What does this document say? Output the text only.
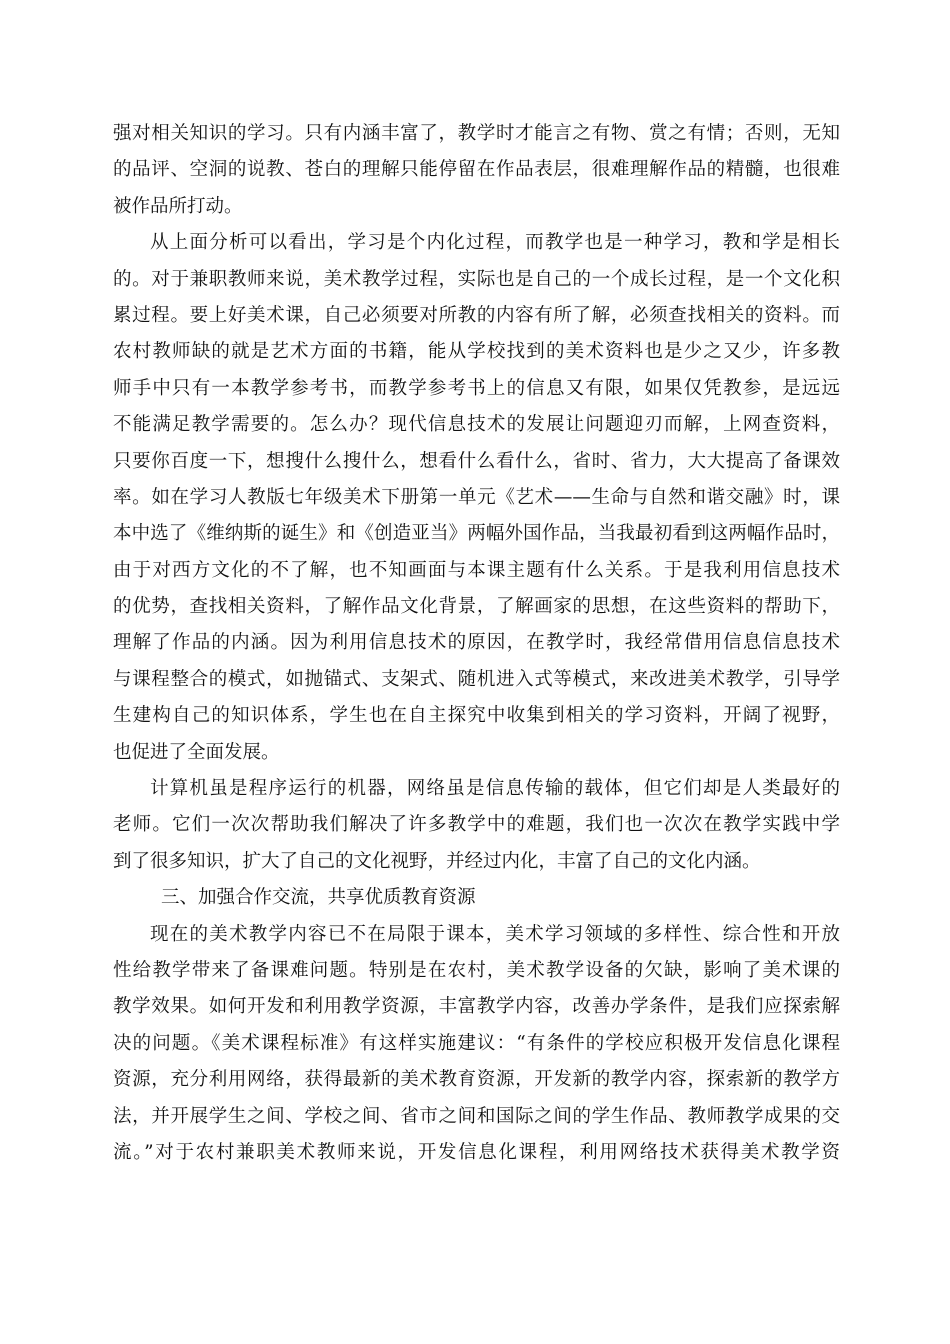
强对相关知识的学习。只有内涵丰富了，教学时才能言之有物、赏之有情；否则，无知
的品评、空洞的说教、苍白的理解只能停留在作品表层，很难理解作品的精髓，也很难
被作品所打动。
从上面分析可以看出，学习是个内化过程，而教学也是一种学习，教和学是相长
的。对于兼职教师来说，美术教学过程，实际也是自己的一个成长过程，是一个文化积
累过程。要上好美术课，自己必须要对所教的内容有所了解，必须查找相关的资料。而
农村教师缺的就是艺术方面的书籍，能从学校找到的美术资料也是少之又少，许多教
师手中只有一本教学参考书，而教学参考书上的信息又有限，如果仅凭教参，是远远
不能满足教学需要的。怎么办？现代信息技术的发展让问题迎刃而解，上网查资料，
只要你百度一下，想搜什么搜什么，想看什么看什么，省时、省力，大大提高了备课效
率。如在学习人教版七年级美术下册第一单元《艺术——生命与自然和谐交融》时，课
本中选了《维纳斯的诞生》和《创造亚当》两幅外国作品，当我最初看到这两幅作品时，
由于对西方文化的不了解，也不知画面与本课主题有什么关系。于是我利用信息技术
的优势，查找相关资料，了解作品文化背景，了解画家的思想，在这些资料的帮助下，
理解了作品的内涵。因为利用信息技术的原因，在教学时，我经常借用信息信息技术
与课程整合的模式，如抛锚式、支架式、随机进入式等模式，来改进美术教学，引导学
生建构自己的知识体系，学生也在自主探究中收集到相关的学习资料，开阔了视野，
也促进了全面发展。
计算机虽是程序运行的机器，网络虽是信息传输的载体，但它们却是人类最好的
老师。它们一次次帮助我们解决了许多教学中的难题，我们也一次次在教学实践中学
到了很多知识，扩大了自己的文化视野，并经过内化，丰富了自己的文化内涵。
三、加强合作交流，共享优质教育资源
现在的美术教学内容已不在局限于课本，美术学习领域的多样性、综合性和开放
性给教学带来了备课难问题。特别是在农村，美术教学设备的欠缺，影响了美术课的
教学效果。如何开发和利用教学资源，丰富教学内容，改善办学条件，是我们应探索解
决的问题。《美术课程标准》有这样实施建议：“有条件的学校应积极开发信息化课程
资源，充分利用网络，获得最新的美术教育资源，开发新的教学内容，探索新的教学方
法，并开展学生之间、学校之间、省市之间和国际之间的学生作品、教师教学成果的交
流。”对于农村兼职美术教师来说，开发信息化课程，利用网络技术获得美术教学资
